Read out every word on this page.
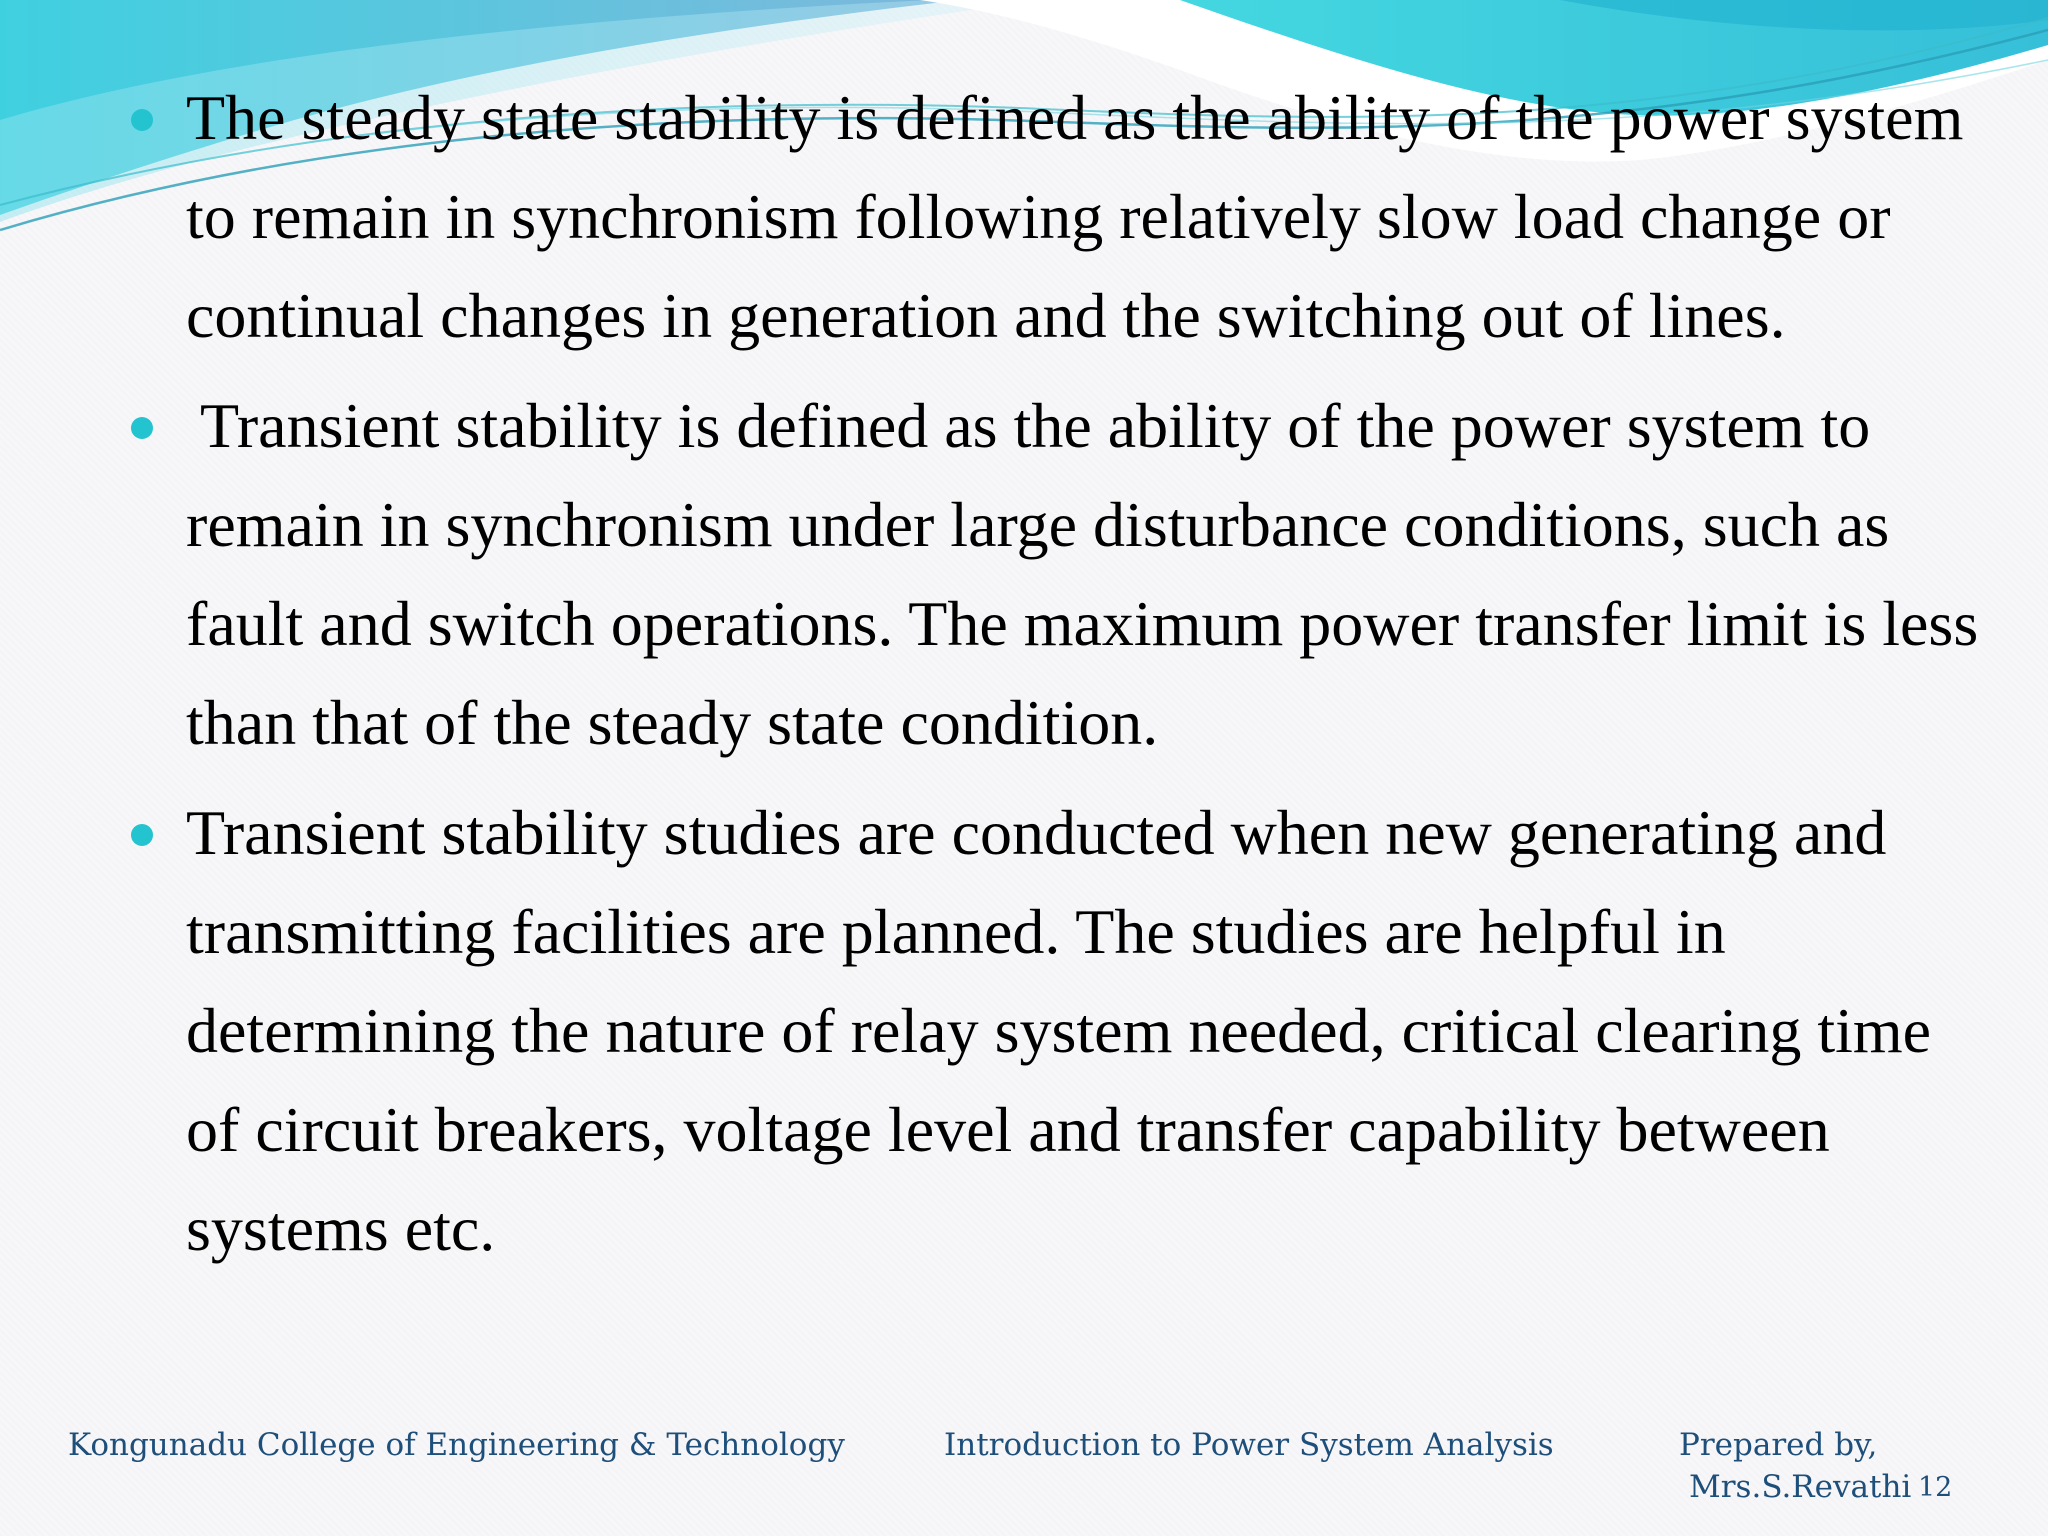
The steady state stability is defined as the ability of the power system to remain in synchronism following relatively slow load change or continual changes in generation and the switching out of lines.

Transient stability is defined as the ability of the power system to remain in synchronism under large disturbance conditions, such as fault and switch operations. The maximum power transfer limit is less than that of the steady state condition.

Transient stability studies are conducted when new generating and transmitting facilities are planned. The studies are helpful in determining the nature of relay system needed, critical clearing time of circuit breakers, voltage level and transfer capability between systems etc.

Kongunadu College of Engineering & Technology	Introduction to Power System Analysis	Prepared by,
Mrs.S.Revathi 12
